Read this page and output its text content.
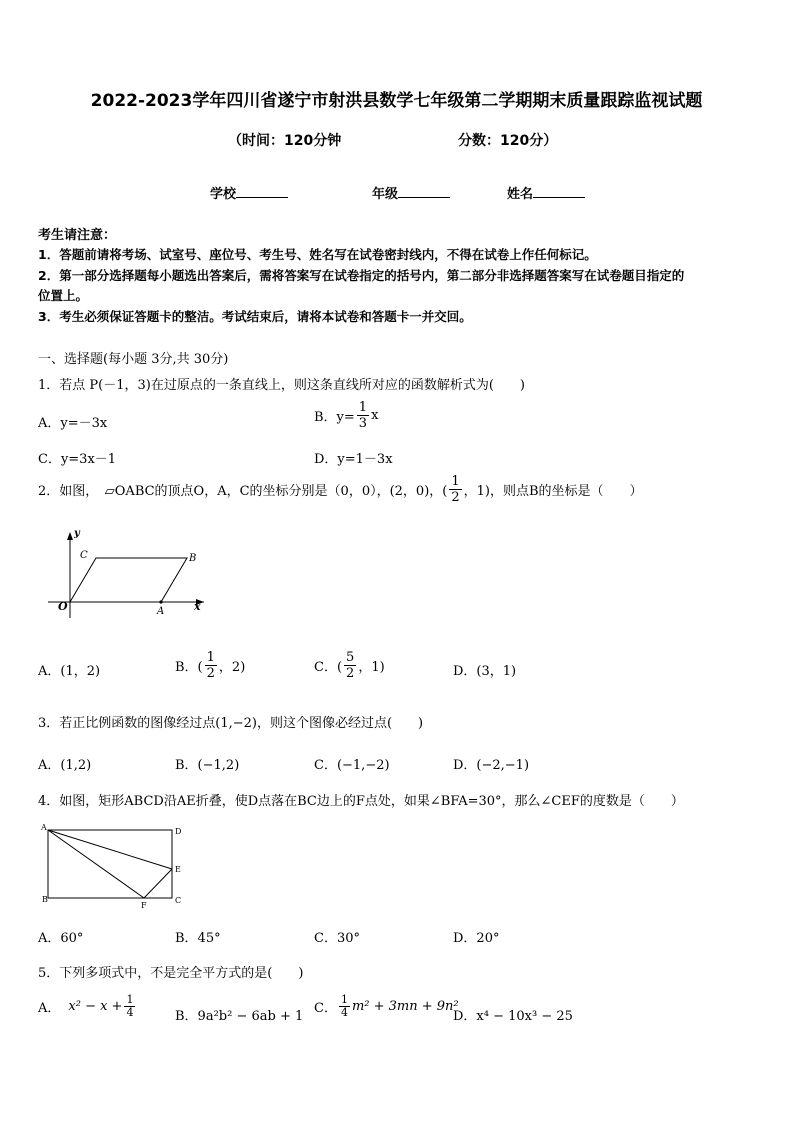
2022-2023学年四川省遂宁市射洪县数学七年级第二学期期末质量跟踪监视试题
（时间：120分钟	分数：120分）
学校	年级	姓名
考生请注意：
1．答题前请将考场、试室号、座位号、考生号、姓名写在试卷密封线内，不得在试卷上作任何标记。
2．第一部分选择题每小题选出答案后，需将答案写在试卷指定的括号内，第二部分非选择题答案写在试卷题目指定的
位置上。
3．考生必须保证答题卡的整洁。考试结束后，请将本试卷和答题卡一并交回。
一、选择题(每小题 3分,共 30分)
1．若点 P(－1，3)在过原点的一条直线上，则这条直线所对应的函数解析式为(　　)
A．y=－3x	B．$y= \frac{1}{3}$ x
C．y=3x－1	D．y=1－3x
2．如图，　▱OABC的顶点O，A，C的坐标分别是（0，0），(2，0)，( $\frac{1}{2}$ ，1)，则点B的坐标是（　　）
y
C	B
O	A	x
A．(1，2)	B．( $\frac{1}{2}$ ，2)	C．( $\frac{5}{2}$ ，1)	D．(3，1)
3．若正比例函数的图像经过点(1,−2)，则这个图像必经过点(　　)
A．(1,2)	B．(−1,2)	C．(−1,−2)	D．(−2,−1)
4．如图，矩形ABCD沿AE折叠，使D点落在BC边上的F点处，如果∠BFA=30°，那么∠CEF的度数是（　　）
A	D
E
B
F
C
A．60°	B．45°	C．30°	D．20°
5．下列多项式中，不是完全平方式的是(　　)
A． $x^2 - x + \frac{1}{4}$	B．9a²b² − 6ab + 1
C． $\frac{1}{4} m^2 + 3mn + 9n^2$
D．x⁴ − 10x³ − 25
